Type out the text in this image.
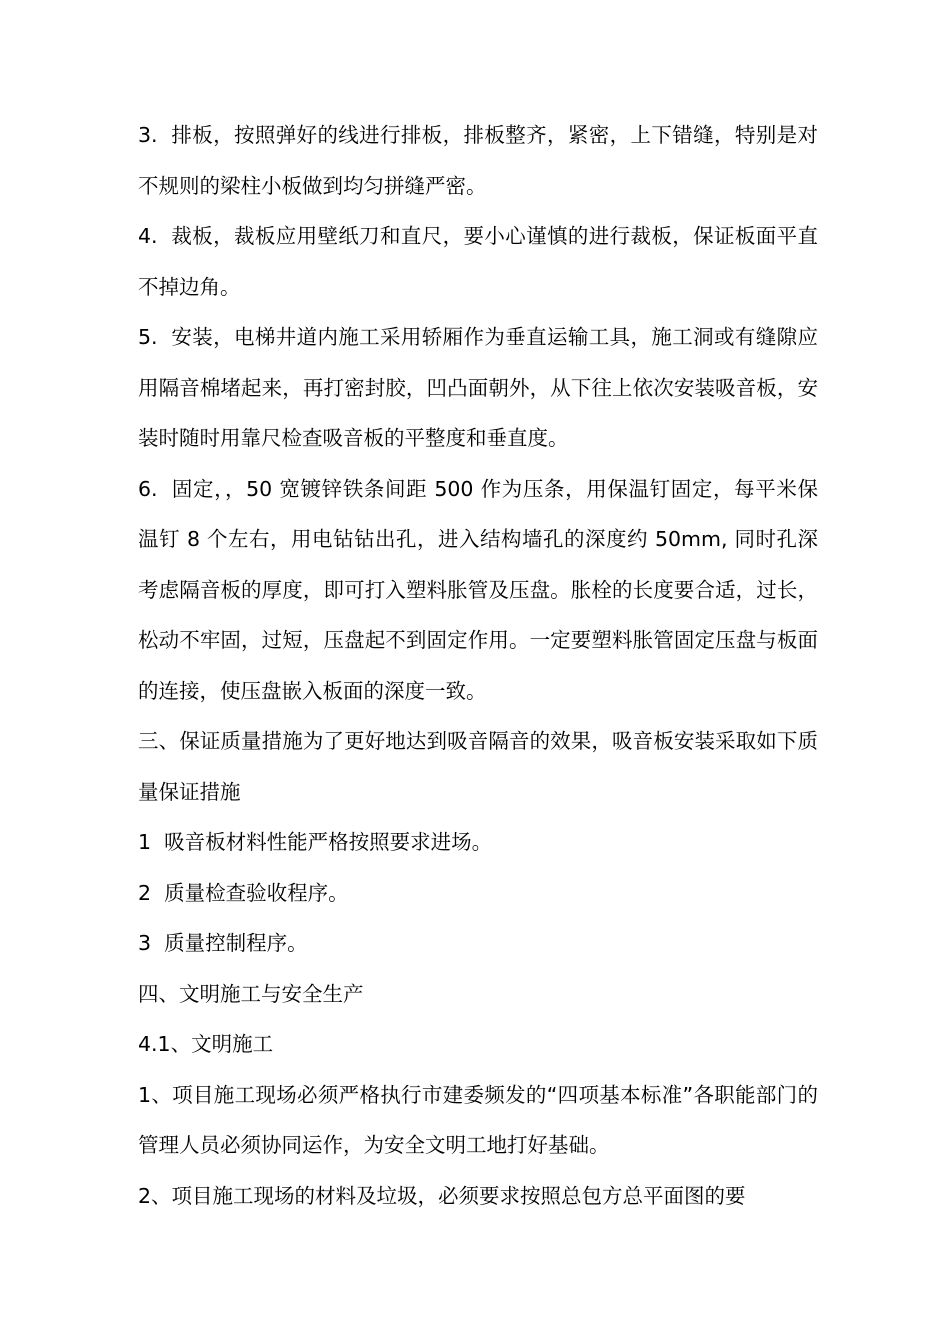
3.  排板，按照弹好的线进行排板，排板整齐，紧密，上下错缝，特别是对不规则的梁柱小板做到均匀拼缝严密。

4.  裁板，裁板应用壁纸刀和直尺，要小心谨慎的进行裁板，保证板面平直不掉边角。

5.  安装，电梯井道内施工采用轿厢作为垂直运输工具，施工洞或有缝隙应用隔音棉堵起来，再打密封胶，凹凸面朝外，从下往上依次安装吸音板，安装时随时用靠尺检查吸音板的平整度和垂直度。

6.  固定，，50 宽镀锌铁条间距 500 作为压条，用保温钉固定，每平米保温钉 8 个左右，用电钻钻出孔，进入结构墙孔的深度约 50mm, 同时孔深考虑隔音板的厚度，即可打入塑料胀管及压盘。胀栓的长度要合适，过长，松动不牢固，过短，压盘起不到固定作用。一定要塑料胀管固定压盘与板面的连接，使压盘嵌入板面的深度一致。

三、保证质量措施为了更好地达到吸音隔音的效果，吸音板安装采取如下质量保证措施

1  吸音板材料性能严格按照要求进场。

2  质量检查验收程序。

3  质量控制程序。

四、文明施工与安全生产

4.1、文明施工

1、项目施工现场必须严格执行市建委频发的“四项基本标准”各职能部门的管理人员必须协同运作，为安全文明工地打好基础。

2、项目施工现场的材料及垃圾，必须要求按照总包方总平面图的要
